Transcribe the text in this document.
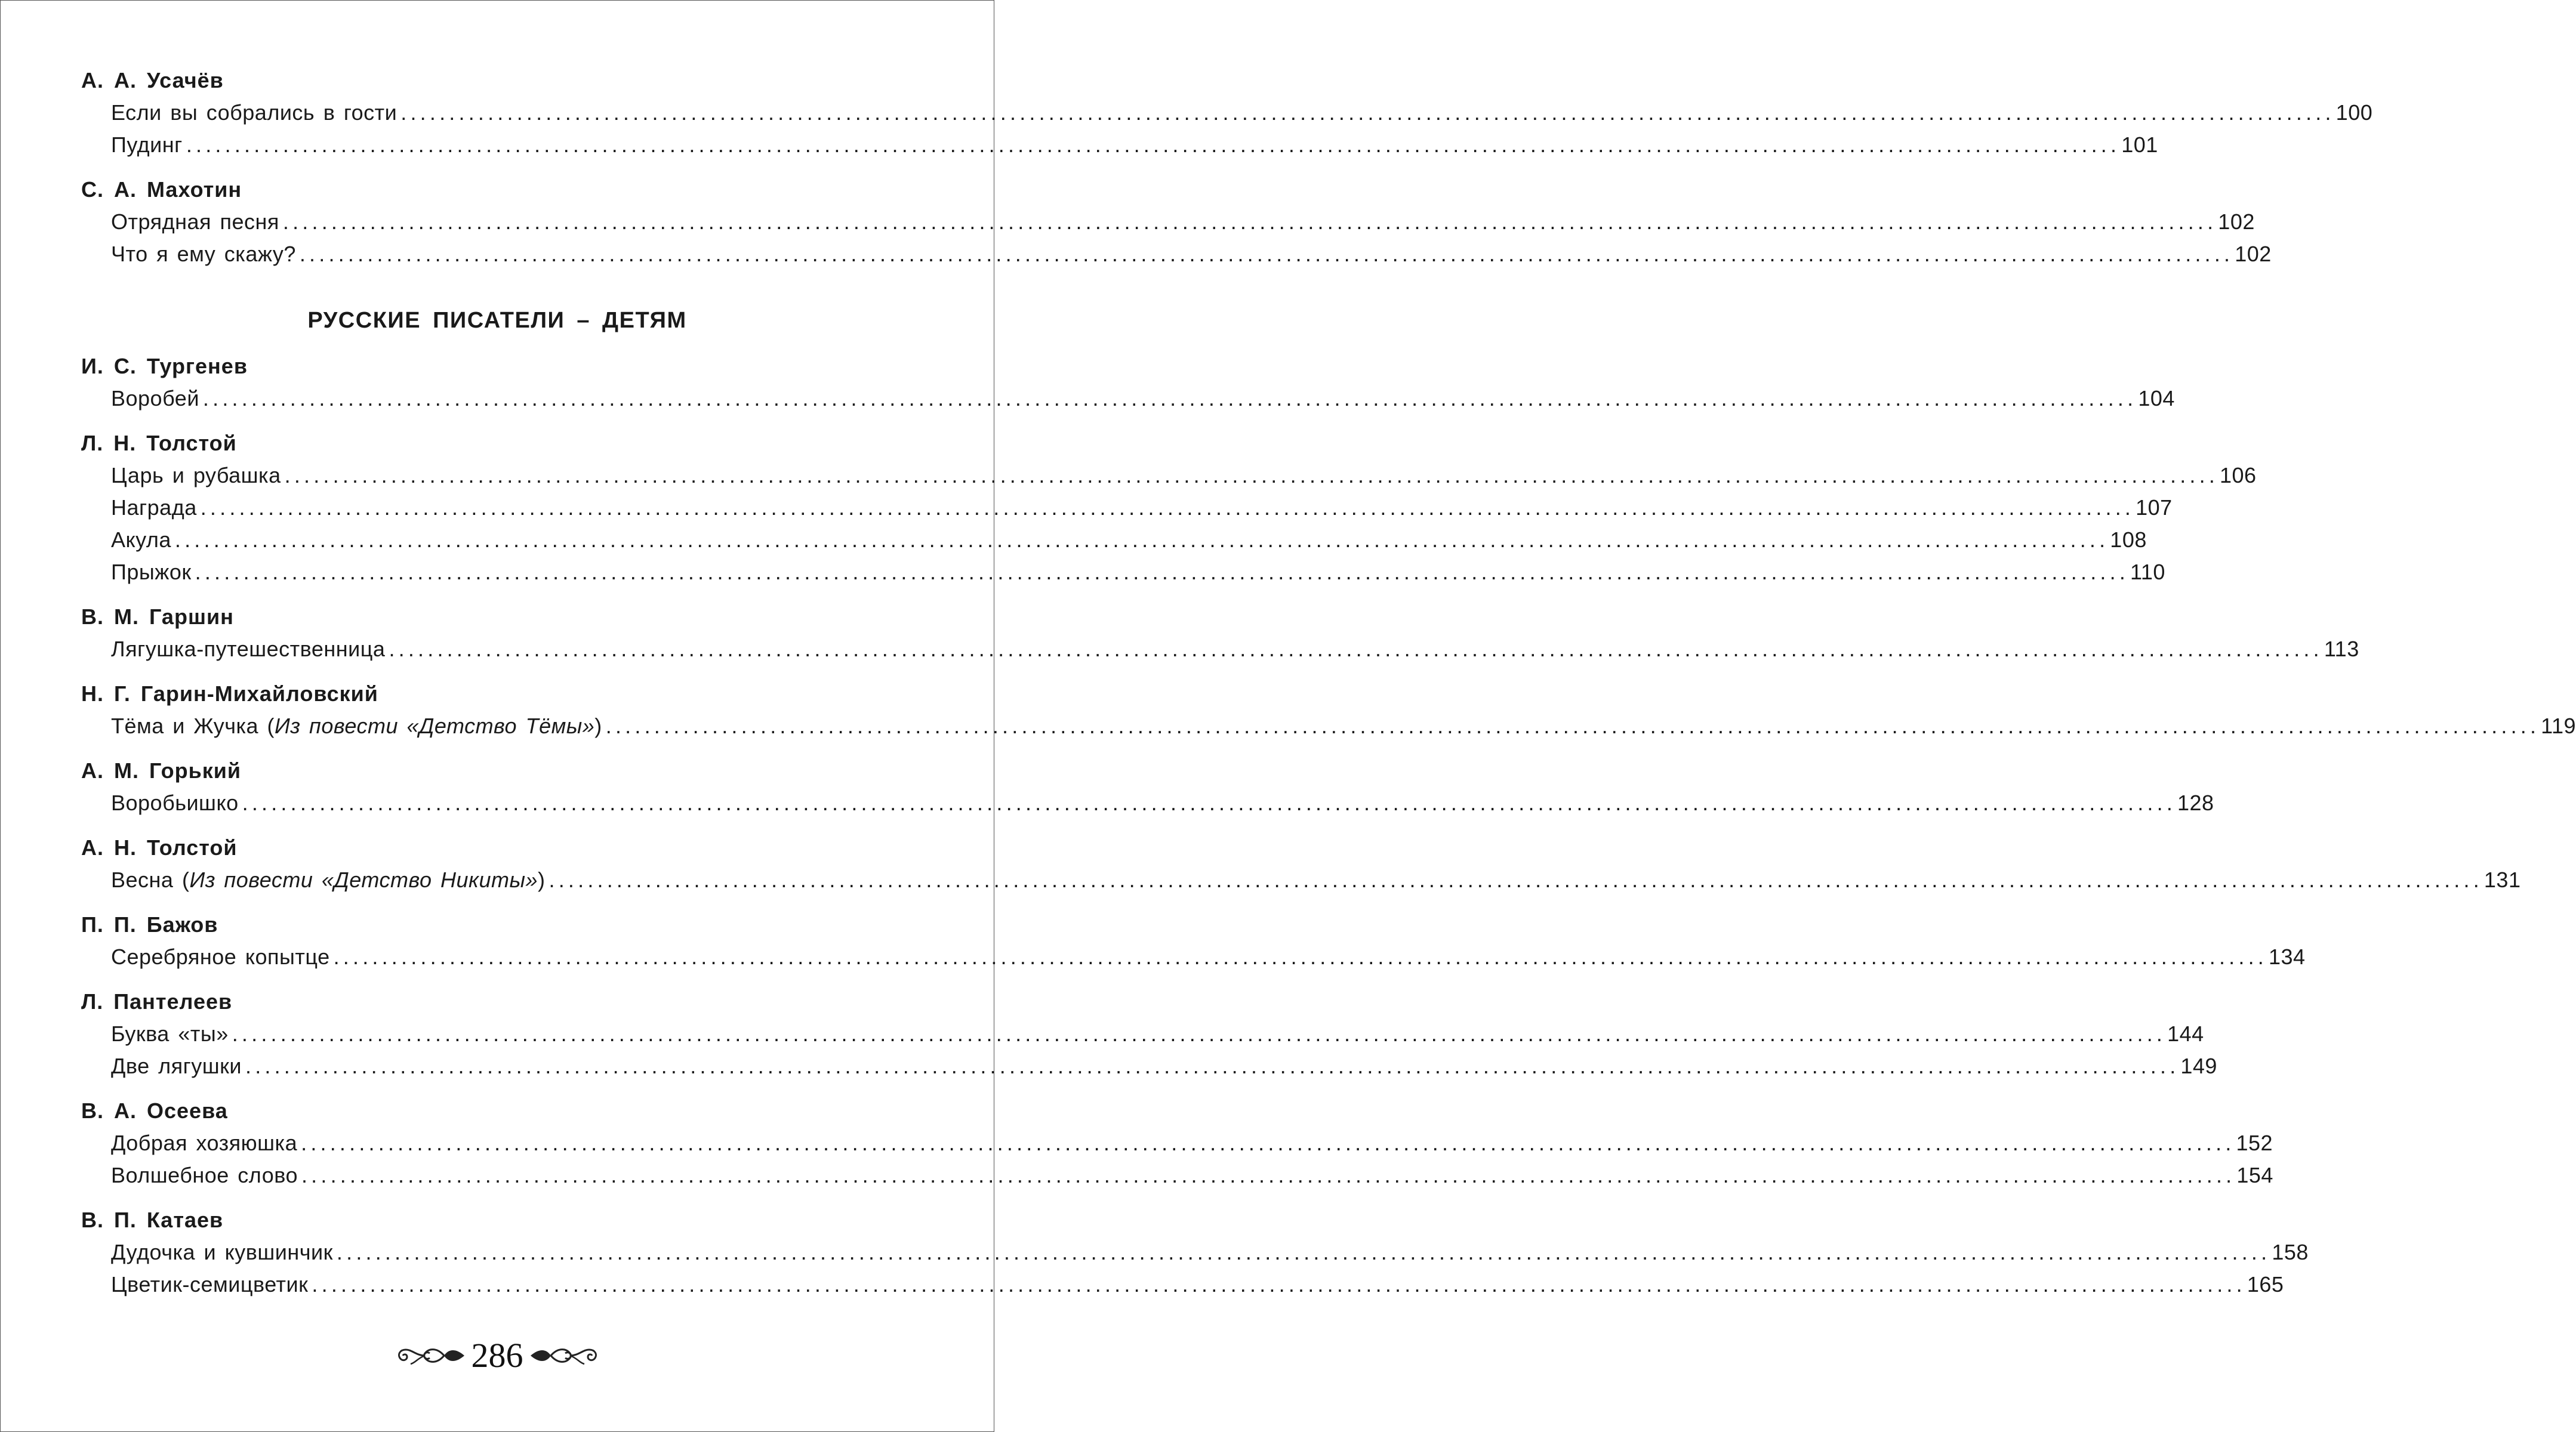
А. А. Усачёв
Если вы собрались в гости ........................................................................................................................................................................................................ 100
Пудинг ........................................................................................................................................................................................................ 101
С. А. Махотин
Отрядная песня ........................................................................................................................................................................................................ 102
Что я ему скажу? ........................................................................................................................................................................................................ 102
РУССКИЕ ПИСАТЕЛИ – ДЕТЯМ
И. С. Тургенев
Воробей ........................................................................................................................................................................................................ 104
Л. Н. Толстой
Царь и рубашка ........................................................................................................................................................................................................ 106
Награда ........................................................................................................................................................................................................ 107
Акула ........................................................................................................................................................................................................ 108
Прыжок ........................................................................................................................................................................................................ 110
В. М. Гаршин
Лягушка-путешественница ........................................................................................................................................................................................................ 113
Н. Г. Гарин-Михайловский
Тёма и Жучка (Из повести «Детство Тёмы») ........................................................................................................................................................................................................ 119
А. М. Горький
Воробьишко ........................................................................................................................................................................................................ 128
А. Н. Толстой
Весна (Из повести «Детство Никиты») ........................................................................................................................................................................................................ 131
П. П. Бажов
Серебряное копытце ........................................................................................................................................................................................................ 134
Л. Пантелеев
Буква «ты» ........................................................................................................................................................................................................ 144
Две лягушки ........................................................................................................................................................................................................ 149
В. А. Осеева
Добрая хозяюшка ........................................................................................................................................................................................................ 152
Волшебное слово ........................................................................................................................................................................................................ 154
В. П. Катаев
Дудочка и кувшинчик ........................................................................................................................................................................................................ 158
Цветик-семицветик ........................................................................................................................................................................................................ 165
286
